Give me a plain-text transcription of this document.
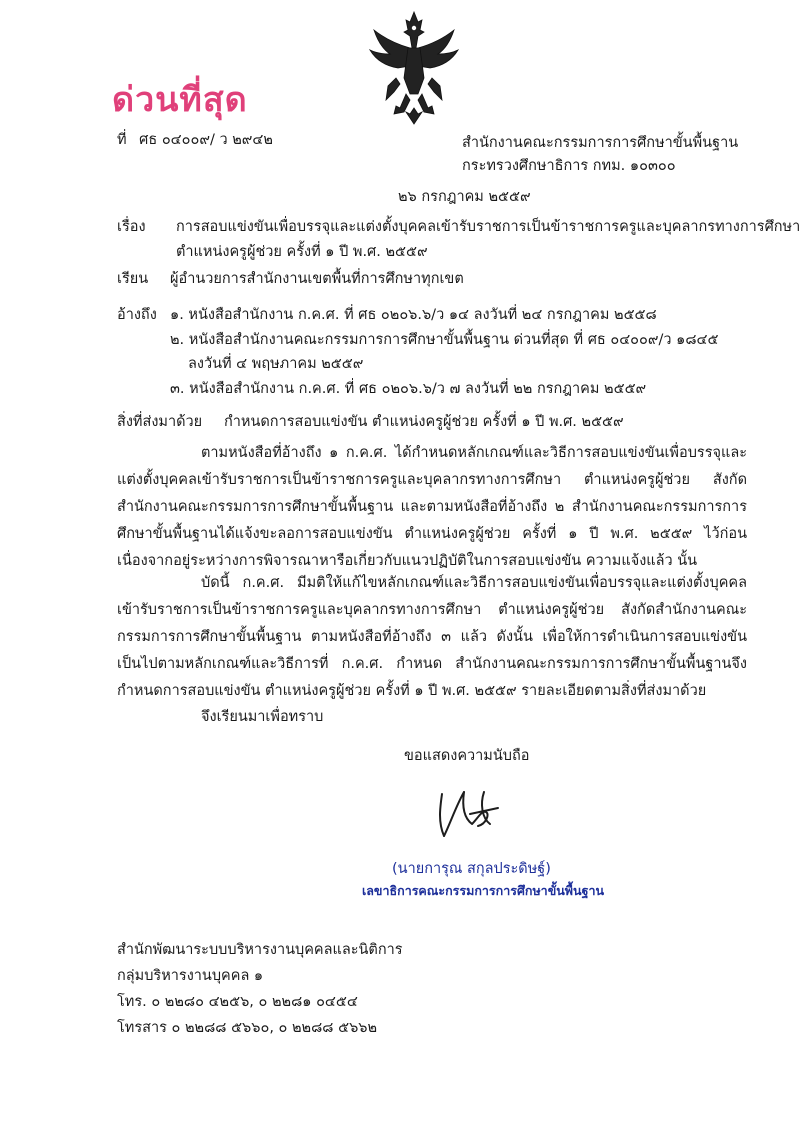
ด่วนที่สุด
ที่ ศธ ๐๔๐๐๙/ ว ๒๙๔๒	สำนักงานคณะกรรมการการศึกษาขั้นพื้นฐาน
กระทรวงศึกษาธิการ กทม. ๑๐๓๐๐
๒๖ กรกฎาคม ๒๕๕๙
เรื่อง การสอบแข่งขันเพื่อบรรจุและแต่งตั้งบุคคลเข้ารับราชการเป็นข้าราชการครูและบุคลากรทางการศึกษา
ตำแหน่งครูผู้ช่วย ครั้งที่ ๑ ปี พ.ศ. ๒๕๕๙
เรียน ผู้อำนวยการสำนักงานเขตพื้นที่การศึกษาทุกเขต
อ้างถึง ๑. หนังสือสำนักงาน ก.ค.ศ. ที่ ศธ ๐๒๐๖.๖/ว ๑๔ ลงวันที่ ๒๔ กรกฎาคม ๒๕๕๘
๒. หนังสือสำนักงานคณะกรรมการการศึกษาขั้นพื้นฐาน ด่วนที่สุด ที่ ศธ ๐๔๐๐๙/ว ๑๘๔๕
ลงวันที่ ๔ พฤษภาคม ๒๕๕๙
๓. หนังสือสำนักงาน ก.ค.ศ. ที่ ศธ ๐๒๐๖.๖/ว ๗ ลงวันที่ ๒๒ กรกฎาคม ๒๕๕๙
สิ่งที่ส่งมาด้วย กำหนดการสอบแข่งขัน ตำแหน่งครูผู้ช่วย ครั้งที่ ๑ ปี พ.ศ. ๒๕๕๙
ตามหนังสือที่อ้างถึง ๑ ก.ค.ศ. ได้กำหนดหลักเกณฑ์และวิธีการสอบแข่งขันเพื่อบรรจุและแต่งตั้งบุคคลเข้ารับราชการเป็นข้าราชการครูและบุคลากรทางการศึกษา ตำแหน่งครูผู้ช่วย สังกัดสำนักงานคณะกรรมการการศึกษาขั้นพื้นฐาน และตามหนังสือที่อ้างถึง ๒ สำนักงานคณะกรรมการการศึกษาขั้นพื้นฐานได้แจ้งขะลอการสอบแข่งขัน ตำแหน่งครูผู้ช่วย ครั้งที่ ๑ ปี พ.ศ. ๒๕๕๙ ไว้ก่อน เนื่องจากอยู่ระหว่างการพิจารณาหารือเกี่ยวกับแนวปฏิบัติในการสอบแข่งขัน ความแจ้งแล้ว นั้น
บัดนี้ ก.ค.ศ. มีมติให้แก้ไขหลักเกณฑ์และวิธีการสอบแข่งขันเพื่อบรรจุและแต่งตั้งบุคคลเข้ารับราชการเป็นข้าราชการครูและบุคลากรทางการศึกษา ตำแหน่งครูผู้ช่วย สังกัดสำนักงานคณะกรรมการการศึกษาขั้นพื้นฐาน ตามหนังสือที่อ้างถึง ๓ แล้ว ดังนั้น เพื่อให้การดำเนินการสอบแข่งขัน เป็นไปตามหลักเกณฑ์และวิธีการที่ ก.ค.ศ. กำหนด สำนักงานคณะกรรมการการศึกษาขั้นพื้นฐานจึงกำหนดการสอบแข่งขัน ตำแหน่งครูผู้ช่วย ครั้งที่ ๑ ปี พ.ศ. ๒๕๕๙ รายละเอียดตามสิ่งที่ส่งมาด้วย
จึงเรียนมาเพื่อทราบ
ขอแสดงความนับถือ
(นายการุณ สกุลประดิษฐ์)
เลขาธิการคณะกรรมการการศึกษาขั้นพื้นฐาน
สำนักพัฒนาระบบบริหารงานบุคคลและนิติการ
กลุ่มบริหารงานบุคคล ๑
โทร. ๐ ๒๒๘๐ ๔๒๕๖, ๐ ๒๒๘๑ ๐๔๕๔
โทรสาร ๐ ๒๒๘๘ ๕๖๖๐, ๐ ๒๒๘๘ ๕๖๖๒
